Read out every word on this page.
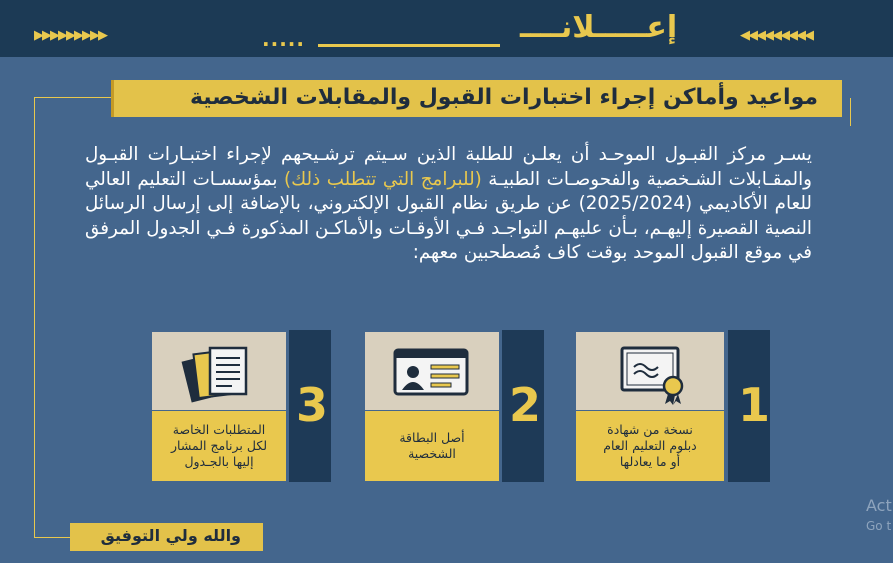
▶▶▶▶▶▶▶▶▶	.....	إعـــــلانــــ	◀◀◀◀◀◀◀◀◀
مواعيد وأماكن إجراء اختبارات القبول والمقابلات الشخصية
يسـر مركز القبـول الموحـد أن يعلـن للطلبة الذين سـيتم ترشـيحهم لإجراء اختبـارات القبـول والمقـابلات الشـخصية والفحوصـات الطبيـة (للبرامج التي تتطلب ذلك) بمؤسسـات التعليم العالي للعام الأكاديمي (2025/2024) عن طريق نظام القبول الإلكتروني، بالإضافة إلى إرسال الرسائل النصية القصيرة إليهـم، بـأن عليهـم التواجـد فـي الأوقـات والأماكـن المذكورة فـي الجدول المرفق في موقع القبول الموحد بوقت كاف مُصطحبين معهم:
1
نسخة من شهادة
دبلوم التعليم العام
أو ما يعادلها
2
أصل البطاقة
الشخصية
3
المتطلبات الخاصة
لكل برنامج المشار
إليها بالجـدول
والله ولي التوفيق
Act
Go t
